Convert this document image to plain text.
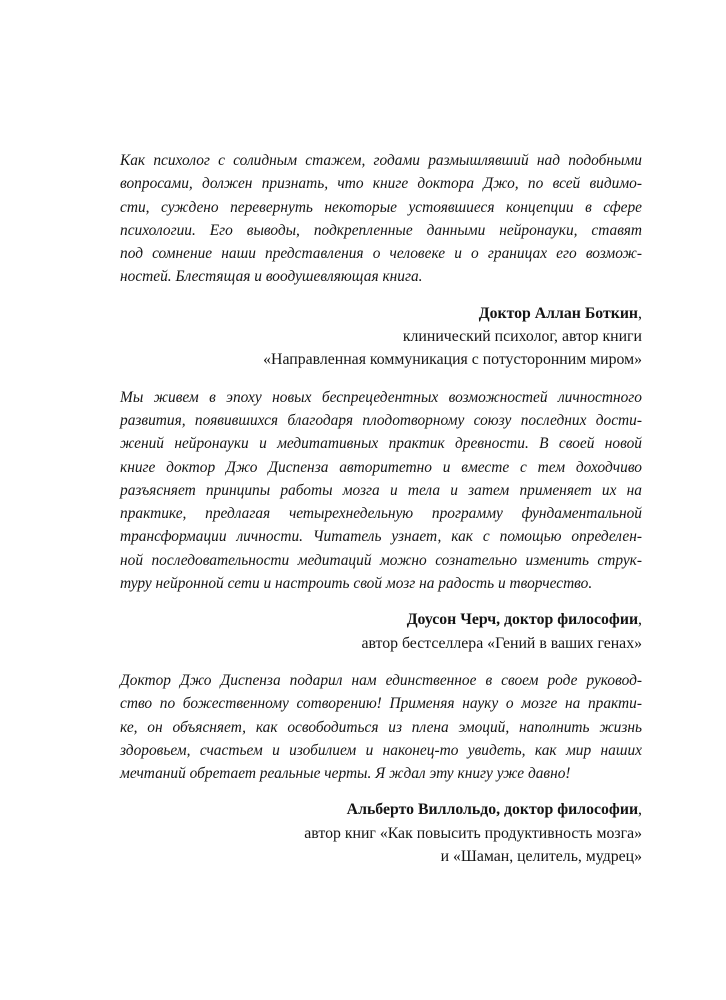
Как психолог с солидным стажем, годами размышлявший над подобными
вопросами, должен признать, что книге доктора Джо, по всей видимо-
сти, суждено перевернуть некоторые устоявшиеся концепции в сфере
психологии. Его выводы, подкрепленные данными нейронауки, ставят
под сомнение наши представления о человеке и о границах его возмож-
ностей. Блестящая и воодушевляющая книга.

Доктор Аллан Боткин,
клинический психолог, автор книги
«Направленная коммуникация с потусторонним миром»

Мы живем в эпоху новых беспрецедентных возможностей личностного
развития, появившихся благодаря плодотворному союзу последних дости-
жений нейронауки и медитативных практик древности. В своей новой
книге доктор Джо Диспенза авторитетно и вместе с тем доходчиво
разъясняет принципы работы мозга и тела и затем применяет их на
практике, предлагая четырехнедельную программу фундаментальной
трансформации личности. Читатель узнает, как с помощью определен-
ной последовательности медитаций можно сознательно изменить струк-
туру нейронной сети и настроить свой мозг на радость и творчество.

Доусон Черч, доктор философии,
автор бестселлера «Гений в ваших генах»

Доктор Джо Диспенза подарил нам единственное в своем роде руковод-
ство по божественному сотворению! Применяя науку о мозге на практи-
ке, он объясняет, как освободиться из плена эмоций, наполнить жизнь
здоровьем, счастьем и изобилием и наконец-то увидеть, как мир наших
мечтаний обретает реальные черты. Я ждал эту книгу уже давно!

Альберто Виллольдо, доктор философии,
автор книг «Как повысить продуктивность мозга»
и «Шаман, целитель, мудрец»
